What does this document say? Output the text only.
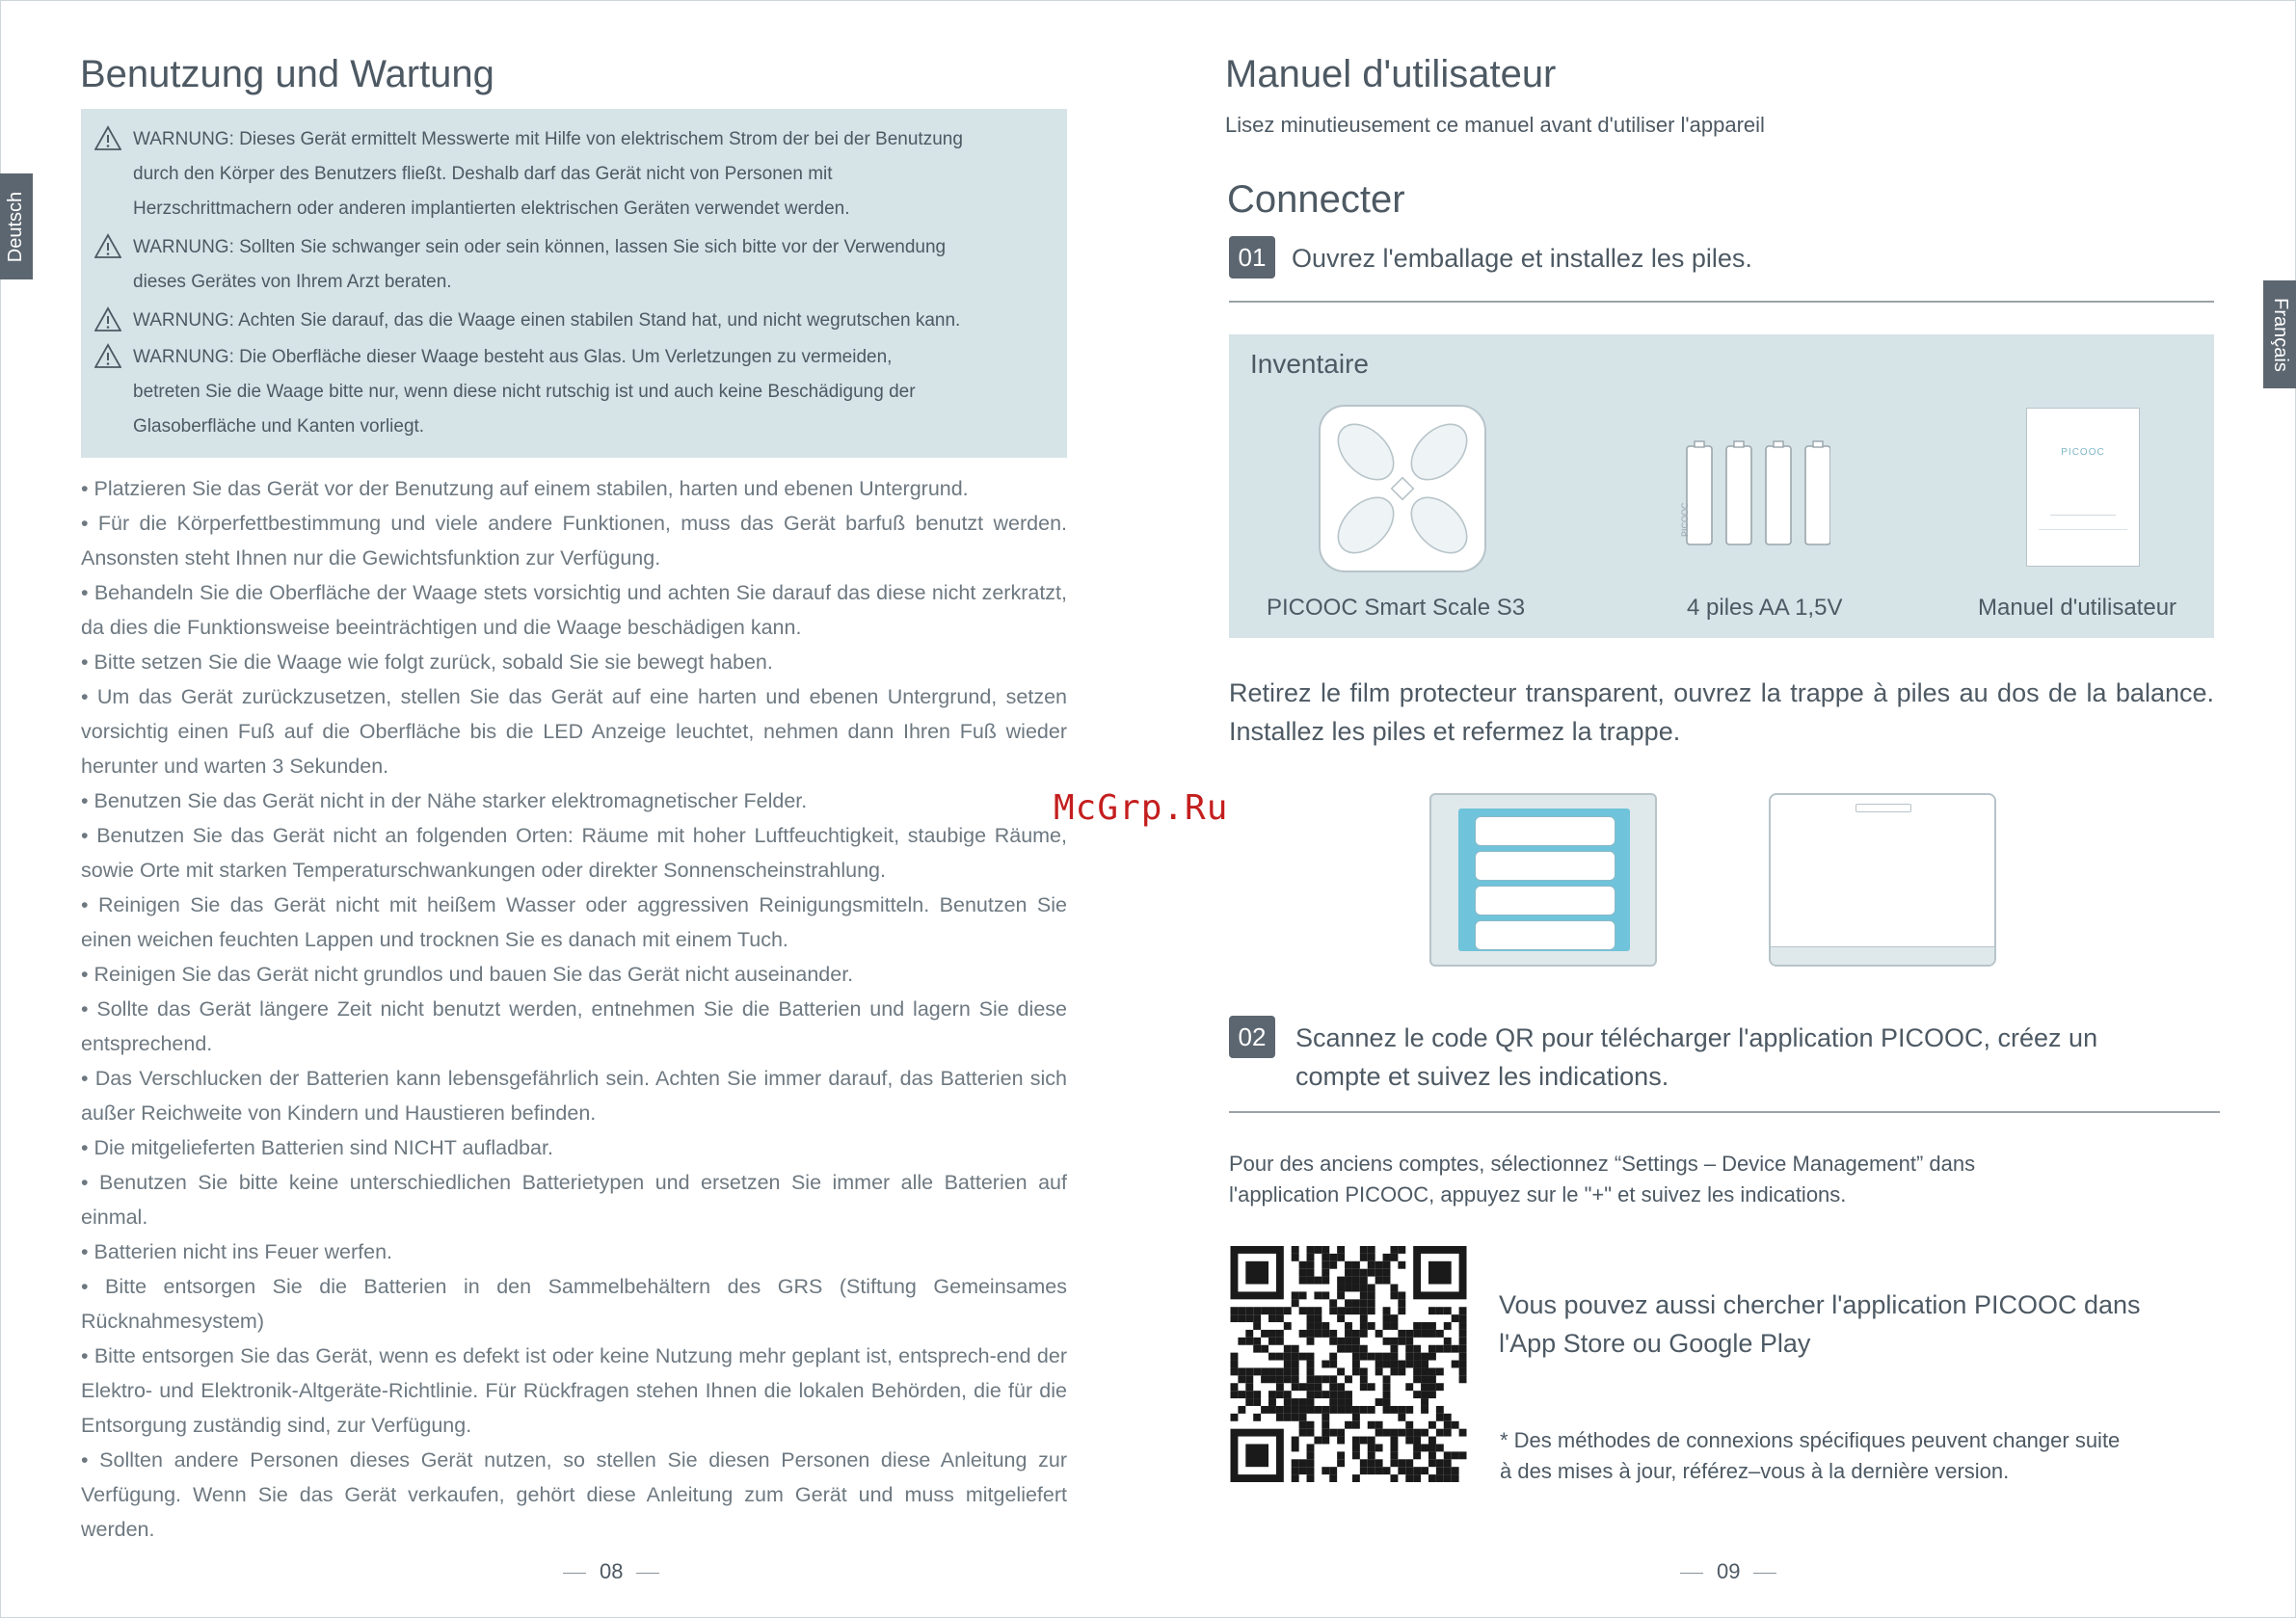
Benutzung und Wartung
Deutsch
WARNUNG: Dieses Gerät ermittelt Messwerte mit Hilfe von elektrischem Strom der bei der Benutzung
durch den Körper des Benutzers fließt. Deshalb darf das Gerät nicht von Personen mit
Herzschrittmachern oder anderen implantierten elektrischen Geräten verwendet werden.
WARNUNG: Sollten Sie schwanger sein oder sein können, lassen Sie sich bitte vor der Verwendung
dieses Gerätes von Ihrem Arzt beraten.
WARNUNG: Achten Sie darauf, das die Waage einen stabilen Stand hat, und nicht wegrutschen kann.
WARNUNG: Die Oberfläche dieser Waage besteht aus Glas. Um Verletzungen zu vermeiden,
betreten Sie die Waage bitte nur, wenn diese nicht rutschig ist und auch keine Beschädigung der
Glasoberfläche und Kanten vorliegt.
• Platzieren Sie das Gerät vor der Benutzung auf einem stabilen, harten und ebenen Untergrund.
• Für die Körperfettbestimmung und viele andere Funktionen, muss das Gerät barfuß benutzt werden. Ansonsten steht Ihnen nur die Gewichtsfunktion zur Verfügung.
• Behandeln Sie die Oberfläche der Waage stets vorsichtig und achten Sie darauf das diese nicht zerkratzt, da dies die Funktionsweise beeinträchtigen und die Waage beschädigen kann.
• Bitte setzen Sie die Waage wie folgt zurück, sobald Sie sie bewegt haben.
• Um das Gerät zurückzusetzen, stellen Sie das Gerät auf eine harten und ebenen Untergrund, setzen vorsichtig einen Fuß auf die Oberfläche bis die LED Anzeige leuchtet, nehmen dann Ihren Fuß wieder herunter und warten 3 Sekunden.
• Benutzen Sie das Gerät nicht in der Nähe starker elektromagnetischer Felder.
• Benutzen Sie das Gerät nicht an folgenden Orten: Räume mit hoher Luftfeuchtigkeit, staubige Räume, sowie Orte mit starken Temperaturschwankungen oder direkter Sonnenscheinstrahlung.
• Reinigen Sie das Gerät nicht mit heißem Wasser oder aggressiven Reinigungsmitteln. Benutzen Sie einen weichen feuchten Lappen und trocknen Sie es danach mit einem Tuch.
• Reinigen Sie das Gerät nicht grundlos und bauen Sie das Gerät nicht auseinander.
• Sollte das Gerät längere Zeit nicht benutzt werden, entnehmen Sie die Batterien und lagern Sie diese entsprechend.
• Das Verschlucken der Batterien kann lebensgefährlich sein. Achten Sie immer darauf, das Batterien sich außer Reichweite von Kindern und Haustieren befinden.
• Die mitgelieferten Batterien sind NICHT aufladbar.
• Benutzen Sie bitte keine unterschiedlichen Batterietypen und ersetzen Sie immer alle Batterien auf einmal.
• Batterien nicht ins Feuer werfen.
• Bitte entsorgen Sie die Batterien in den Sammelbehältern des GRS (Stiftung Gemeinsames Rücknahmesystem)
• Bitte entsorgen Sie das Gerät, wenn es defekt ist oder keine Nutzung mehr geplant ist, entsprech-end der Elektro- und Elektronik-Altgeräte-Richtlinie. Für Rückfragen stehen Ihnen die lokalen Behörden, die für die Entsorgung zuständig sind, zur Verfügung.
• Sollten andere Personen dieses Gerät nutzen, so stellen Sie diesen Personen diese Anleitung zur Verfügung. Wenn Sie das Gerät verkaufen, gehört diese Anleitung zum Gerät und muss mitgeliefert werden.
08
Manuel d'utilisateur
Lisez minutieusement ce manuel avant d'utiliser l'appareil
Français
Connecter
01 Ouvrez l'emballage et installez les piles.
Inventaire
PICOOC
PICOOC
PICOOC Smart Scale S3	4 piles AA 1,5V	Manuel d'utilisateur
Retirez le film protecteur transparent, ouvrez la trappe à piles au dos de la balance. Installez les piles et refermez la trappe.
02	Scannez le code QR pour télécharger l'application PICOOC, créez un
compte et suivez les indications.
Pour des anciens comptes, sélectionnez “Settings – Device Management” dans
l'application PICOOC, appuyez sur le "+" et suivez les indications.
Vous pouvez aussi chercher l'application PICOOC dans
l'App Store ou Google Play
* Des méthodes de connexions spécifiques peuvent changer suite
à des mises à jour, référez–vous à la dernière version.
09
McGrp.Ru
